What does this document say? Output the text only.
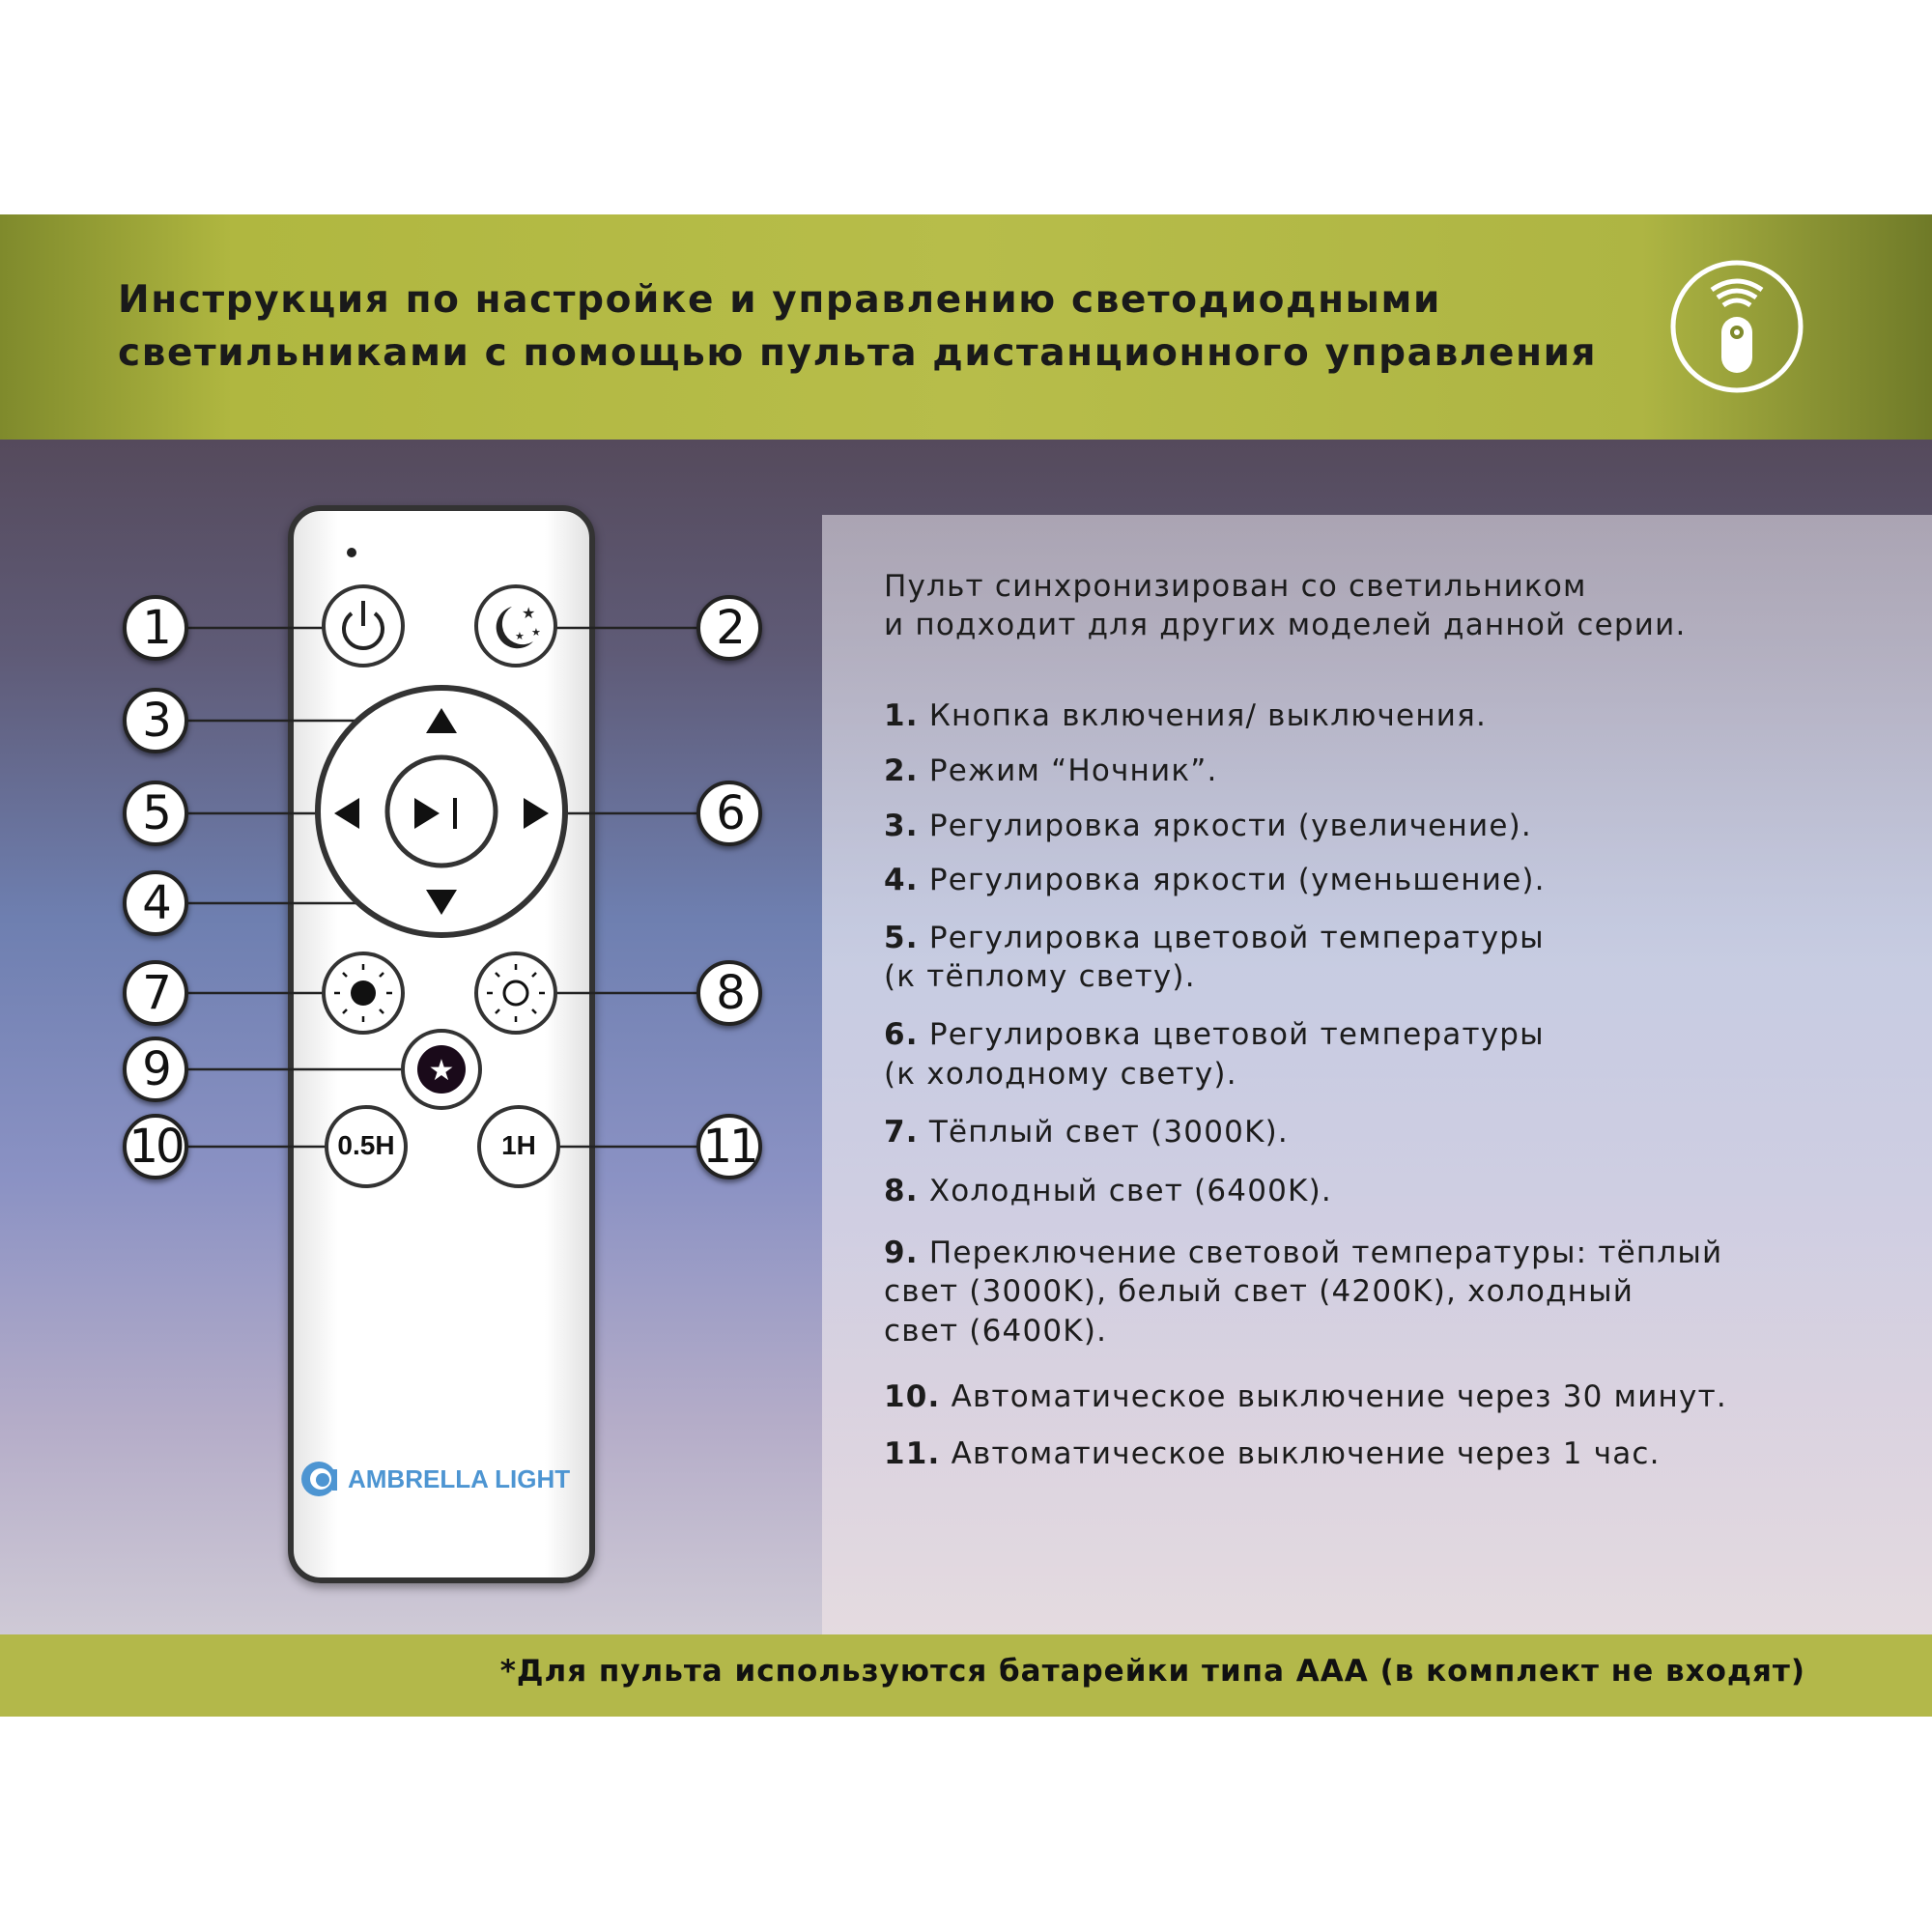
Инструкция по настройке и управлению светодиодными
светильниками с помощью пульта дистанционного управления
★
★ ★
★
0.5H	1H
AMBRELLA LIGHT
1	2
3
4
5	6
7	8
9
10	11
Пульт синхронизирован со светильником
и подходит для других моделей данной серии.
1. Кнопка включения/ выключения.
2. Режим “Ночник”.
3. Регулировка яркости (увеличение).
4. Регулировка яркости (уменьшение).
5. Регулировка цветовой температуры
(к тёплому свету).
6. Регулировка цветовой температуры
(к холодному свету).
7. Тёплый свет (3000K).
8. Холодный свет (6400K).
9. Переключение световой температуры: тёплый
свет (3000K), белый свет (4200K), холодный
свет (6400K).
10. Автоматическое выключение через 30 минут.
11. Автоматическое выключение через 1 час.
*Для пульта используются батарейки типа AAA (в комплект не входят)
